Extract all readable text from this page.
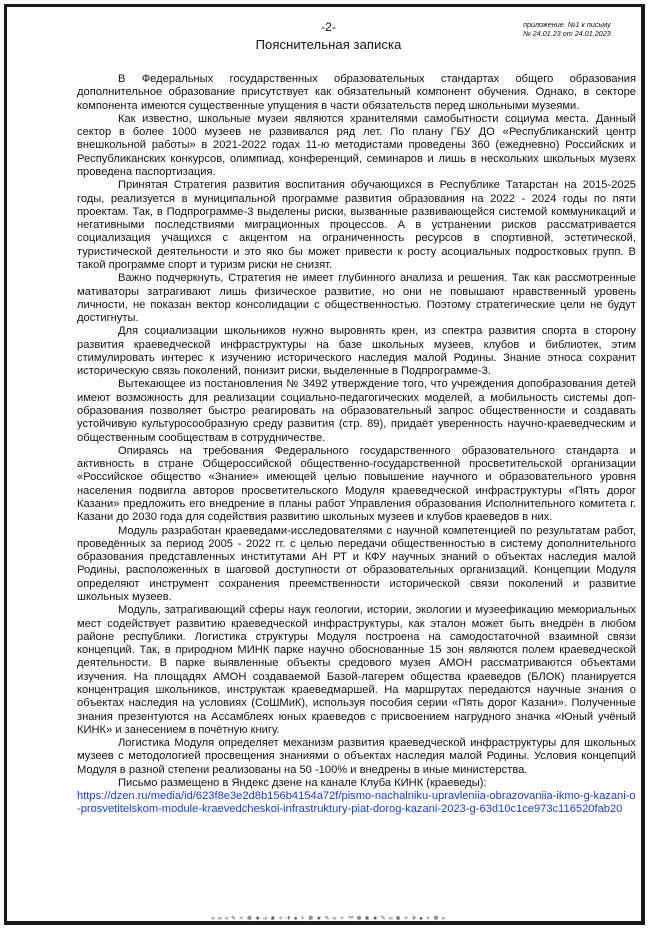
-2-
Пояснительная записка
приложение. №1 к письму
№ 24.01.23 от 24.01.2023

В Федеральных государственных образовательных стандартах общего образования дополнительное образование присутствует как обязательный компонент обучения. Однако, в секторе компонента имеются существенные упущения в части обязательств перед школьными музеями.

Как известно, школьные музеи являются хранителями самобытности социума места. Данный сектор в более 1000 музеев не развивался ряд лет. По плану ГБУ ДО «Республиканский центр внешкольной работы» в 2021-2022 годах 11-ю методистами проведены 360 (ежедневно) Российских и Республиканских конкурсов, олимпиад, конференций, семинаров и лишь в нескольких школьных музеях проведена паспортизация.

Принятая Стратегия развития воспитания обучающихся в Республике Татарстан на 2015-2025 годы, реализуется в муниципальной программе развития образования на 2022 - 2024 годы по пяти проектам. Так, в Подпрограмме-3 выделены риски, вызванные развивающейся системой коммуникаций и негативными последствиями миграционных процессов. А в устранении рисков рассматривается социализация учащихся с акцентом на ограниченность ресурсов в спортивной, эстетической, туристической деятельности и это яко бы может привести к росту асоциальных подростковых групп. В такой программе спорт и туризм риски не снизят.

Важно подчеркнуть, Стратегия не имеет глубинного анализа и решения. Так как рассмотренные мативаторы затрагивают лишь физическое развитие, но они не повышают нравственный уровень личности, не показан вектор консолидации с общественностью. Поэтому стратегические цели не будут достигнуты.

Для социализации школьников нужно выровнять крен, из спектра развития спорта в сторону развития краеведческой инфраструктуры на базе школьных музеев, клубов и библиотек, этим стимулировать интерес к изучению исторического наследия малой Родины. Знание этноса сохранит историческую связь поколений, понизит риски, выделенные в Подпрограмме-3.

Вытекающее из постановления № 3492 утверждение того, что учреждения допобразования детей имеют возможность для реализации социально-педагогических моделей, а мобильность системы доп-образования позволяет быстро реагировать на образовательный запрос общественности и создавать устойчивую культуросообразную среду развития (стр. 89), придаёт уверенность научно-краеведческим и общественным сообществам в сотрудничестве.

Опираясь на требования Федерального государственного образовательного стандарта и активность в стране Общероссийской общественно-государственной просветительской организации «Российское общество «Знание» имеющей целью повышение научного и образовательного уровня населения подвигла авторов просветительского Модуля краеведческой инфраструктуры «Пять дорог Казани» предложить его внедрение в планы работ Управления образования Исполнительного комитета г. Казани до 2030 года для содействия развитию школьных музеев и клубов краеведов в них.

Модуль разработан краеведами-исследователями с научной компетенцией по результатам работ, проведённых за период 2005 - 2022 гг. с целью передачи общественностью в систему дополнительного образования представленных институтами АН РТ и КФУ научных знаний о объектах наследия малой Родины, расположенных в шаговой доступности от образовательных организаций. Концепции Модуля определяют инструмент сохранения преемственности исторической связи поколений и развитие школьных музеев.

Модуль, затрагивающий сферы наук геологии, истории, экологии и музеефикацию мемориальных мест содействует развитию краеведческой инфраструктуры, как эталон может быть внедрён в любом районе республики. Логистика структуры Модуля построена на самодостаточной взаимной связи концепций. Так, в природном МИНК парке научно обоснованные 15 зон являются полем краеведческой деятельности. В парке выявленные объекты средового музея АМОН рассматриваются объектами изучения. На площадях АМОН создаваемой Базой-лагерем общества краеведов (БЛОК) планируется концентрация школьников, инструктаж краеведмаршей. На маршрутах передаются научные знания о объектах наследия на условиях (СоШМиК), используя пособия серии «Пять дорог Казани». Полученные знания презентуются на Ассамблеях юных краеведов с присвоением нагрудного значка «Юный учёный КИНК» и занесением в почётную книгу.

Логистика Модуля определяет механизм развития краеведческой инфраструктуры для школьных музеев с методологией просвещения знаниями о объектах наследия малой Родины. Условия концепций Модуля в разной степени реализованы на 50 -100% и внедрены в иные министерства.

Письмо размещено в Яндекс дзене на канале Клуба КИНК (краеведы):

https://dzen.ru/media/id/623f8e3e2d8b156b4154a72f/pismo-nachalniku-upravleniia-obrazovaniia-ikmo-g-kazani-o-prosvetitelskom-module-kraevedcheskoi-infrastruktury-piat-dorog-kazani-2023-g-63d10c1ce973c116520fab20
« ∞ » ✎ ✧ ☸ ★ ∞ ❀ ✧ ✈ ♠ ✧ ☸ ★ ✎ ∞ ✧ ™ ☸ ❀ ★ ✎ ∞ ❀ ✧ ✈ ♠ ✧ ☸ »
